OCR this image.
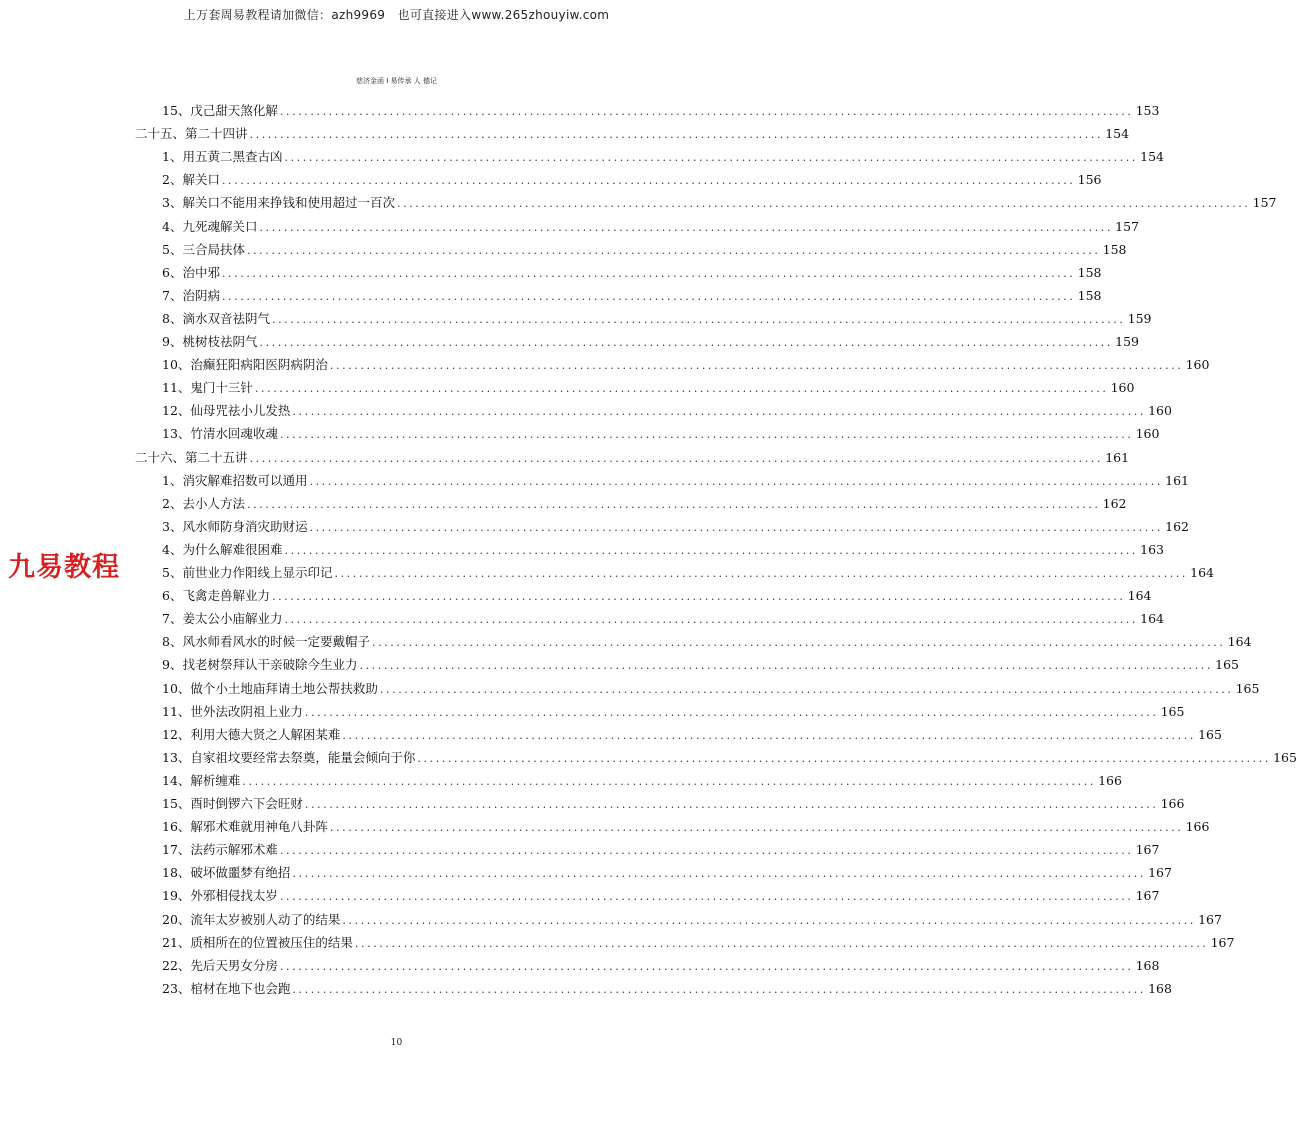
上万套周易教程请加微信：azh9969　也可直接进入www.265zhouyiw.com
慈济金函 I 易传承 人 德记
九易教程
15、戊己甜天煞化解 ............................................................................................................................................ 153
二十五、第二十四讲 ............................................................................................................................................ 154
1、用五黄二黑查古凶 ............................................................................................................................................ 154
2、解关口 ............................................................................................................................................ 156
3、解关口不能用来挣钱和使用超过一百次 ............................................................................................................................................ 157
4、九死魂解关口 ............................................................................................................................................ 157
5、三合局扶体 ............................................................................................................................................ 158
6、治中邪 ............................................................................................................................................ 158
7、治阴病 ............................................................................................................................................ 158
8、滴水双音祛阴气 ............................................................................................................................................ 159
9、桃树枝祛阴气 ............................................................................................................................................ 159
10、治癫狂阳病阳医阴病阴治 ............................................................................................................................................ 160
11、鬼门十三针 ............................................................................................................................................ 160
12、仙母咒祛小儿发热 ............................................................................................................................................ 160
13、竹清水回魂收魂 ............................................................................................................................................ 160
二十六、第二十五讲 ............................................................................................................................................ 161
1、消灾解难招数可以通用 ............................................................................................................................................ 161
2、去小人方法 ............................................................................................................................................ 162
3、风水师防身消灾助财运 ............................................................................................................................................ 162
4、为什么解难很困难 ............................................................................................................................................ 163
5、前世业力作阳线上显示印记 ............................................................................................................................................ 164
6、飞禽走兽解业力 ............................................................................................................................................ 164
7、姜太公小庙解业力 ............................................................................................................................................ 164
8、风水师看风水的时候一定要戴帽子 ............................................................................................................................................ 164
9、找老树祭拜认干亲破除今生业力 ............................................................................................................................................ 165
10、做个小土地庙拜请土地公帮扶救助 ............................................................................................................................................ 165
11、世外法改阴祖上业力 ............................................................................................................................................ 165
12、利用大德大贤之人解困某难 ............................................................................................................................................ 165
13、自家祖坟要经常去祭奠，能量会倾向于你 ............................................................................................................................................ 165
14、解析缠难 ............................................................................................................................................ 166
15、酉时倒锣六下会旺财 ............................................................................................................................................ 166
16、解邪术难就用神龟八卦阵 ............................................................................................................................................ 166
17、法药示解邪术难 ............................................................................................................................................ 167
18、破坏做噩梦有绝招 ............................................................................................................................................ 167
19、外邪相侵找太岁 ............................................................................................................................................ 167
20、流年太岁被别人动了的结果 ............................................................................................................................................ 167
21、质相所在的位置被压住的结果 ............................................................................................................................................ 167
22、先后天男女分房 ............................................................................................................................................ 168
23、棺材在地下也会跑 ............................................................................................................................................ 168
10
